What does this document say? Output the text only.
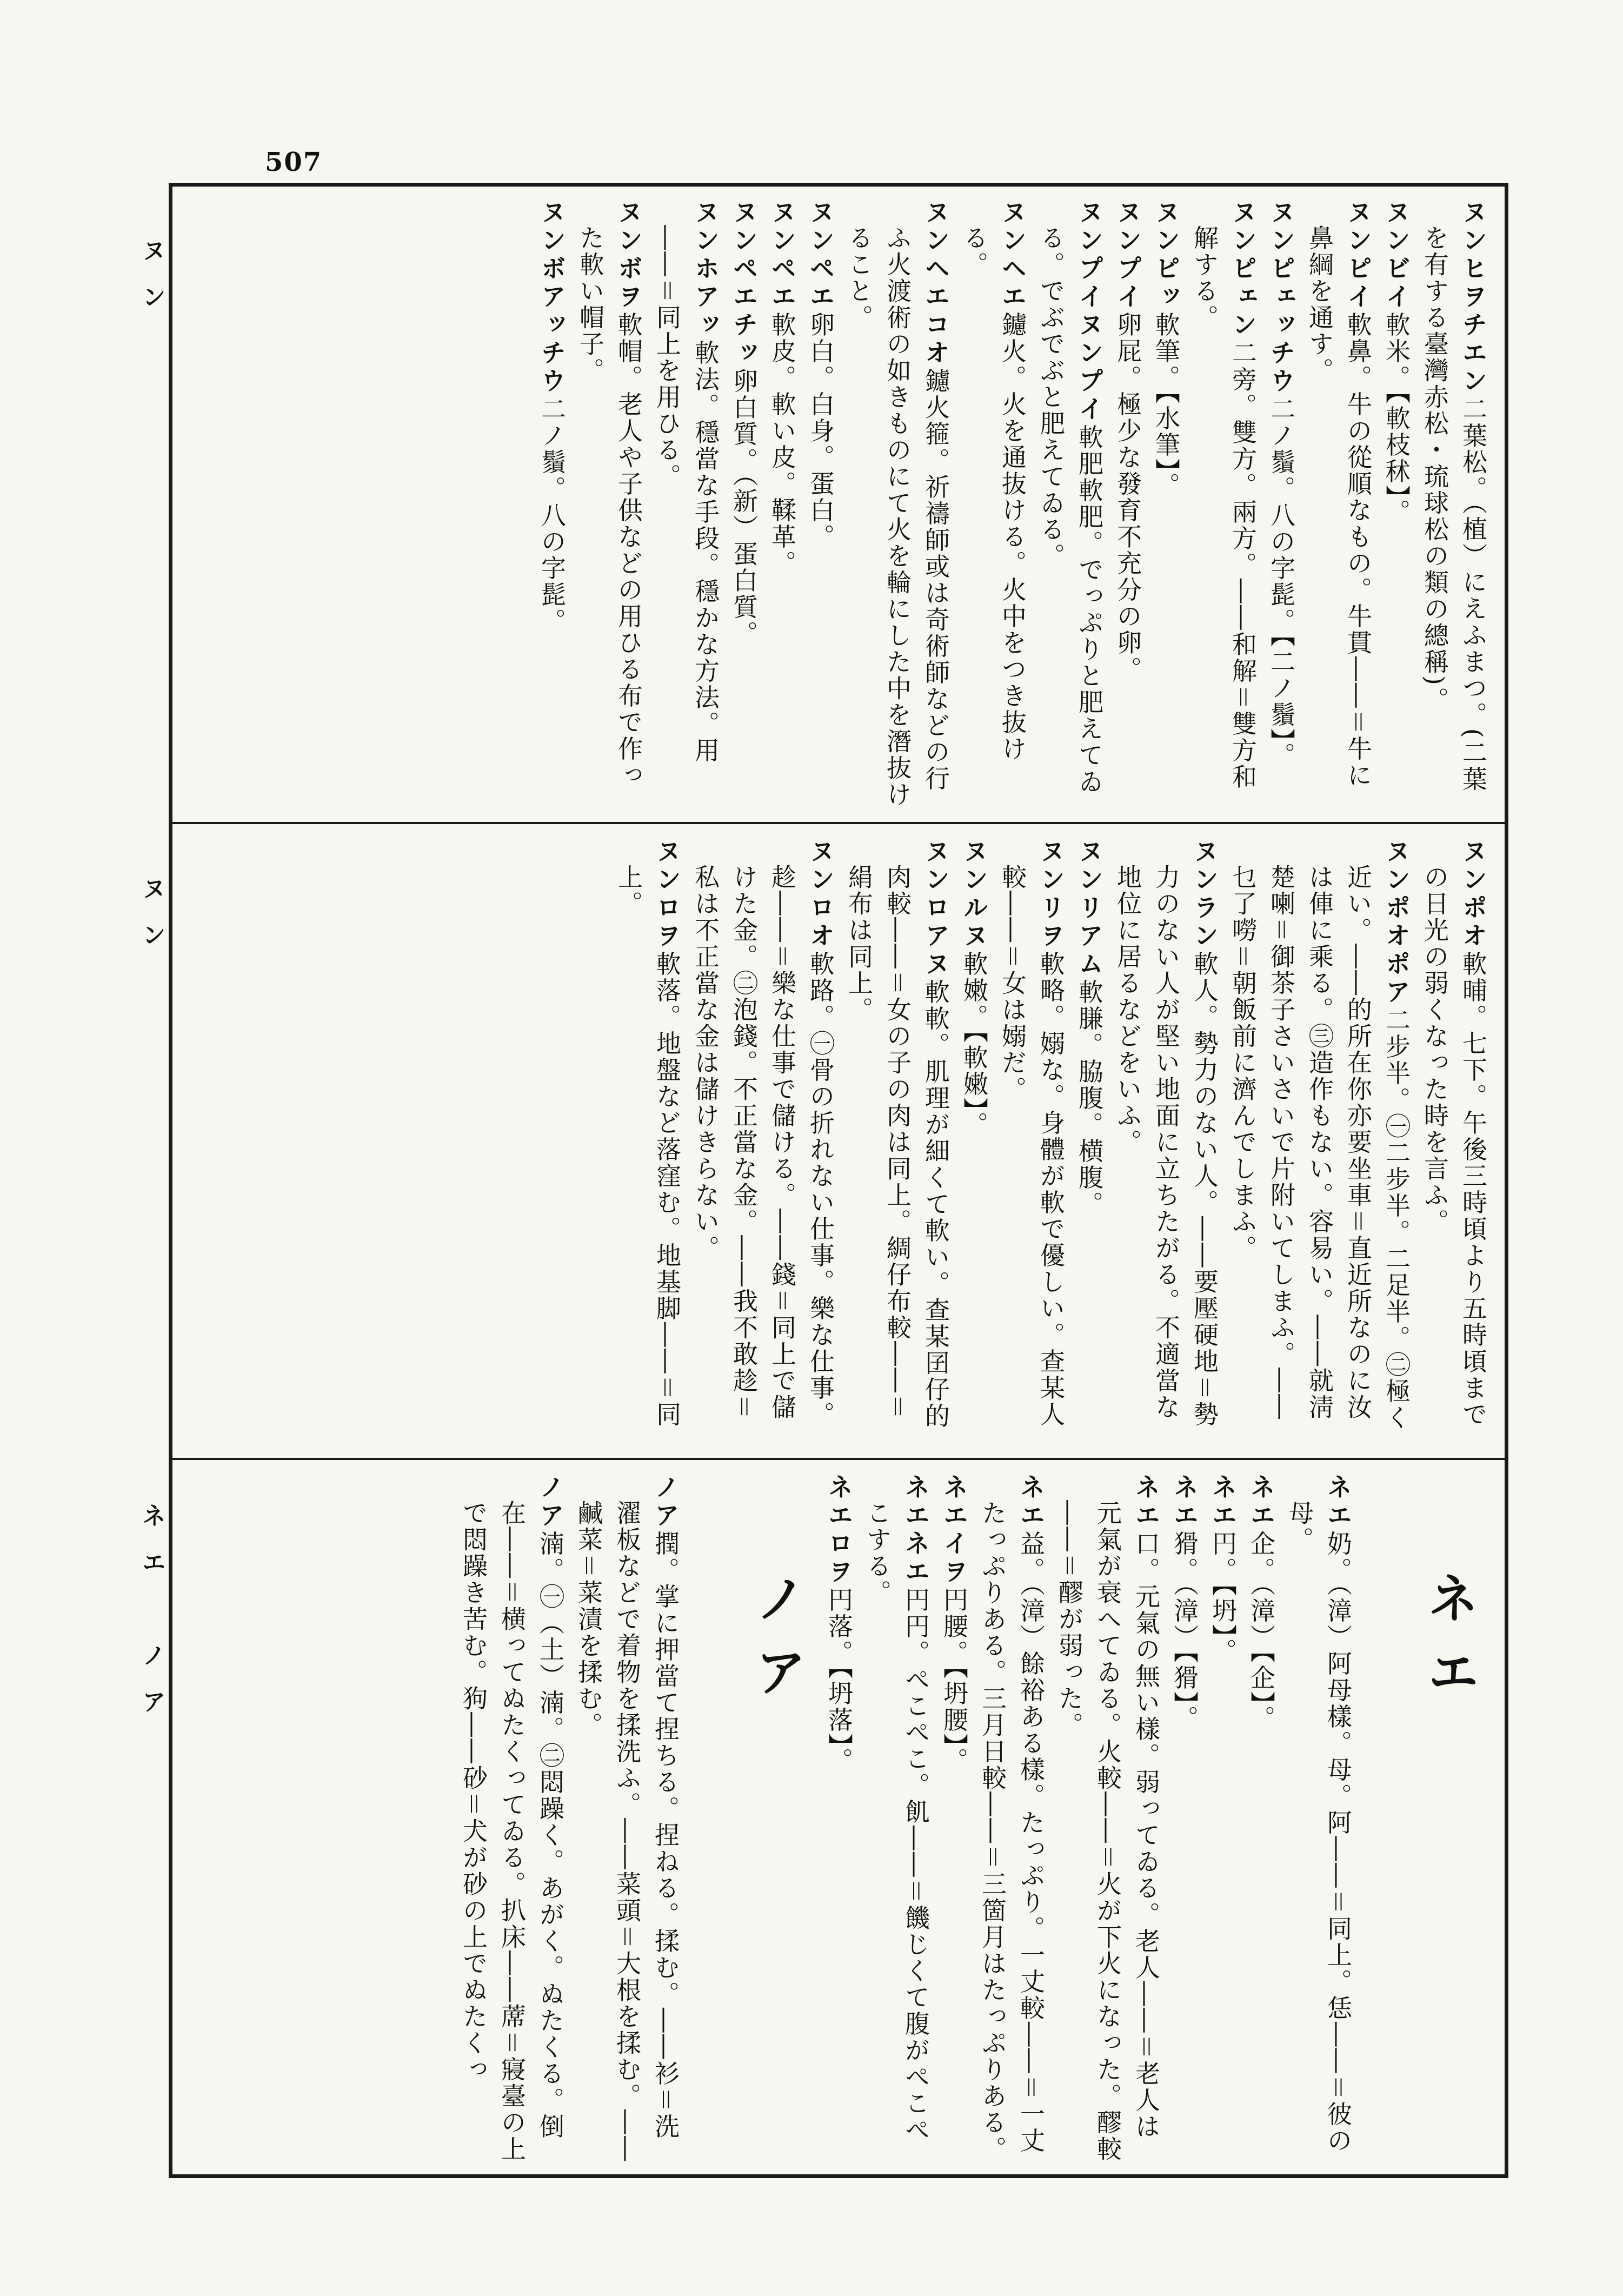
507
ヌン
ヌン
ネエ　ノア

ヌンヒヲチエン　二葉松。（植）にえふまつ。(二葉を有する臺灣赤松・琉球松の類の總稱)。

ヌンビイ　軟米。【軟枝秫】。

ヌンピイ　軟鼻。牛の從順なもの。牛貫――＝牛に鼻綱を通す。

ヌンピェッチウ　二ノ鬚。八の字髭。【二ノ鬚】。

ヌンピェン　二旁。雙方。兩方。――和解＝雙方和解する。

ヌンピッ　軟筆。【水筆】。

ヌンプイ　卵屁。極少な發育不充分の卵。

ヌンプイヌンプイ　軟肥軟肥。でっぷりと肥えてゐる。でぶでぶと肥えてゐる。

ヌンヘエ　鑢火。火を通抜ける。火中をつき抜ける。

ヌンヘエコオ　鑢火箍。祈禱師或は奇術師などの行ふ火渡術の如きものにて火を輪にした中を潛抜けること。

ヌンペエ　卵白。白身。蛋白。

ヌンペエ　軟皮。軟い皮。鞣革。

ヌンペエチッ　卵白質。（新）蛋白質。

ヌンホアッ　軟法。穩當な手段。穩かな方法。用――＝同上を用ひる。

ヌンボヲ　軟帽。老人や子供などの用ひる布で作った軟い帽子。

ヌンボアッチウ　二ノ鬚。八の字髭。

ヌンポオ　軟晡。七下。午後三時頃より五時頃までの日光の弱くなった時を言ふ。

ヌンポオポア　二步半。㊀二步半。二足半。㊁極く近い。――的所在你亦要坐車＝直近所なのに汝は俥に乘る。㊂造作もない。容易い。――就淸楚喇＝御茶子さいさいで片附いてしまふ。――乜了嘮＝朝飯前に濟んでしまふ。

ヌンラン　軟人。勢力のない人。――要壓硬地＝勢力のない人が堅い地面に立ちたがる。不適當な地位に居るなどをいふ。

ヌンリアム　軟膁。脇腹。横腹。

ヌンリヲ　軟略。嫋な。身體が軟で優しい。查某人較――＝女は嫋だ。

ヌンルヌ　軟嫩。【軟嫩】。

ヌンロアヌ　軟軟。肌理が細くて軟い。查某囝仔的肉較――＝女の子の肉は同上。綢仔布較――＝絹布は同上。

ヌンロオ　軟路。㊀骨の折れない仕事。樂な仕事。趁――＝樂な仕事で儲ける。――錢＝同上で儲けた金。㊁泡錢。不正當な金。――我不敢趁＝私は不正當な金は儲けきらない。

ヌンロヲ　軟落。地盤など落窪む。地基脚――＝同上。

ネエ

ネエ　奶。（漳）阿母樣。母。阿――＝同上。恁――＝彼の母。

ネエ　企。（漳）【企】。

ネエ　円。【坍】。

ネエ　猾。（漳）【猾】。

ネエ　口。元氣の無い樣。弱ってゐる。老人――＝老人は元氣が衰へてゐる。火較――＝火が下火になった。醪較――＝醪が弱った。

ネエ　益。（漳）餘裕ある樣。たっぷり。一丈較――＝一丈たっぷりある。三月日較――＝三箇月はたっぷりある。

ネエイヲ　円腰。【坍腰】。

ネエネエ　円円。ぺこぺこ。飢――＝饑じくて腹がぺこぺこする。

ネエロヲ　円落。【坍落】。

ノア

ノア　撋。掌に押當て捏ちる。捏ねる。揉む。――衫＝洗濯板などで着物を揉洗ふ。――菜頭＝大根を揉む。――鹹菜＝菜漬を揉む。

ノア　湳。㊀（土）湳。㊁悶躁く。あがく。ぬたくる。倒在――＝横ってぬたくってゐる。扒床――蓆＝寢臺の上で悶躁き苦む。狗――砂＝犬が砂の上でぬたくっ
